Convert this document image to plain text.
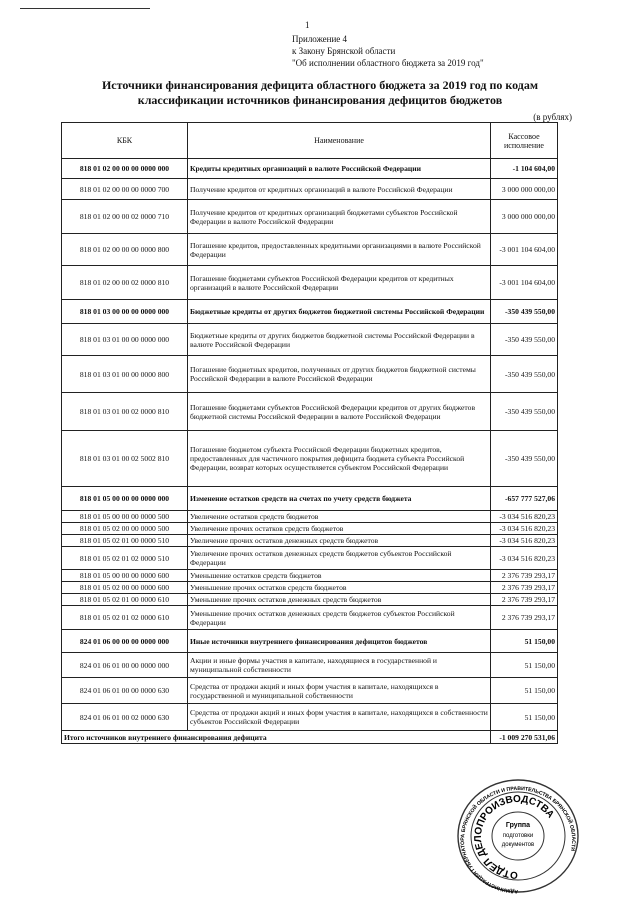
1
Приложение 4
к Закону Брянской области
"Об исполнении областного бюджета за 2019 год"
Источники финансирования дефицита областного бюджета за 2019 год по кодам
классификации источников финансирования дефицитов бюджетов
(в рублях)
КБК	Наименование	Кассовое исполнение
818 01 02 00 00 00 0000 000	Кредиты кредитных организаций в валюте Российской Федерации	-1 104 604,00
818 01 02 00 00 00 0000 700	Получение кредитов от кредитных организаций в валюте Российской Федерации	3 000 000 000,00
818 01 02 00 00 02 0000 710	Получение кредитов от кредитных организаций бюджетами субъектов Российской Федерации в валюте Российской Федерации	3 000 000 000,00
818 01 02 00 00 00 0000 800	Погашение кредитов, предоставленных кредитными организациями в валюте Российской Федерации	-3 001 104 604,00
818 01 02 00 00 02 0000 810	Погашение бюджетами субъектов Российской Федерации кредитов от кредитных организаций в валюте Российской Федерации	-3 001 104 604,00
818 01 03 00 00 00 0000 000	Бюджетные кредиты от других бюджетов бюджетной системы Российской Федерации	-350 439 550,00
818 01 03 01 00 00 0000 000	Бюджетные кредиты от других бюджетов бюджетной системы Российской Федерации в валюте Российской Федерации	-350 439 550,00
818 01 03 01 00 00 0000 800	Погашение бюджетных кредитов, полученных от других бюджетов бюджетной системы Российской Федерации в валюте Российской Федерации	-350 439 550,00
818 01 03 01 00 02 0000 810	Погашение бюджетами субъектов Российской Федерации кредитов от других бюджетов бюджетной системы Российской Федерации в валюте Российской Федерации	-350 439 550,00
818 01 03 01 00 02 5002 810	Погашение бюджетом субъекта Российской Федерации бюджетных кредитов, предоставленных для частичного покрытия дефицита бюджета субъекта Российской Федерации, возврат которых осуществляется субъектом Российской Федерации	-350 439 550,00
818 01 05 00 00 00 0000 000	Изменение остатков средств на счетах по учету средств бюджета	-657 777 527,06
818 01 05 00 00 00 0000 500	Увеличение остатков средств бюджетов	-3 034 516 820,23
818 01 05 02 00 00 0000 500	Увеличение прочих остатков средств бюджетов	-3 034 516 820,23
818 01 05 02 01 00 0000 510	Увеличение прочих остатков денежных средств бюджетов	-3 034 516 820,23
818 01 05 02 01 02 0000 510	Увеличение прочих остатков денежных средств бюджетов субъектов Российской Федерации	-3 034 516 820,23
818 01 05 00 00 00 0000 600	Уменьшение остатков средств бюджетов	2 376 739 293,17
818 01 05 02 00 00 0000 600	Уменьшение прочих остатков средств бюджетов	2 376 739 293,17
818 01 05 02 01 00 0000 610	Уменьшение прочих остатков денежных средств бюджетов	2 376 739 293,17
818 01 05 02 01 02 0000 610	Уменьшение прочих остатков денежных средств бюджетов субъектов Российской Федерации	2 376 739 293,17
824 01 06 00 00 00 0000 000	Иные источники внутреннего финансирования дефицитов бюджетов	51 150,00
824 01 06 01 00 00 0000 000	Акции и иные формы участия в капитале, находящиеся в государственной и муниципальной собственности	51 150,00
824 01 06 01 00 00 0000 630	Средства от продажи акций и иных форм участия в капитале, находящихся в государственной и муниципальной собственности	51 150,00
824 01 06 01 00 02 0000 630	Средства от продажи акций и иных форм участия в капитале, находящихся в собственности субъектов Российской Федерации	51 150,00
Итого источников внутреннего финансирования дефицита		-1 009 270 531,06
Группа
подготовки
документов
АДМИНИСТРАЦИЯ ГУБЕРНАТОРА БРЯНСКОЙ ОБЛАСТИ И ПРАВИТЕЛЬСТВА БРЯНСКОЙ ОБЛАСТИ
ОТДЕЛ ДЕЛОПРОИЗВОДСТВА
